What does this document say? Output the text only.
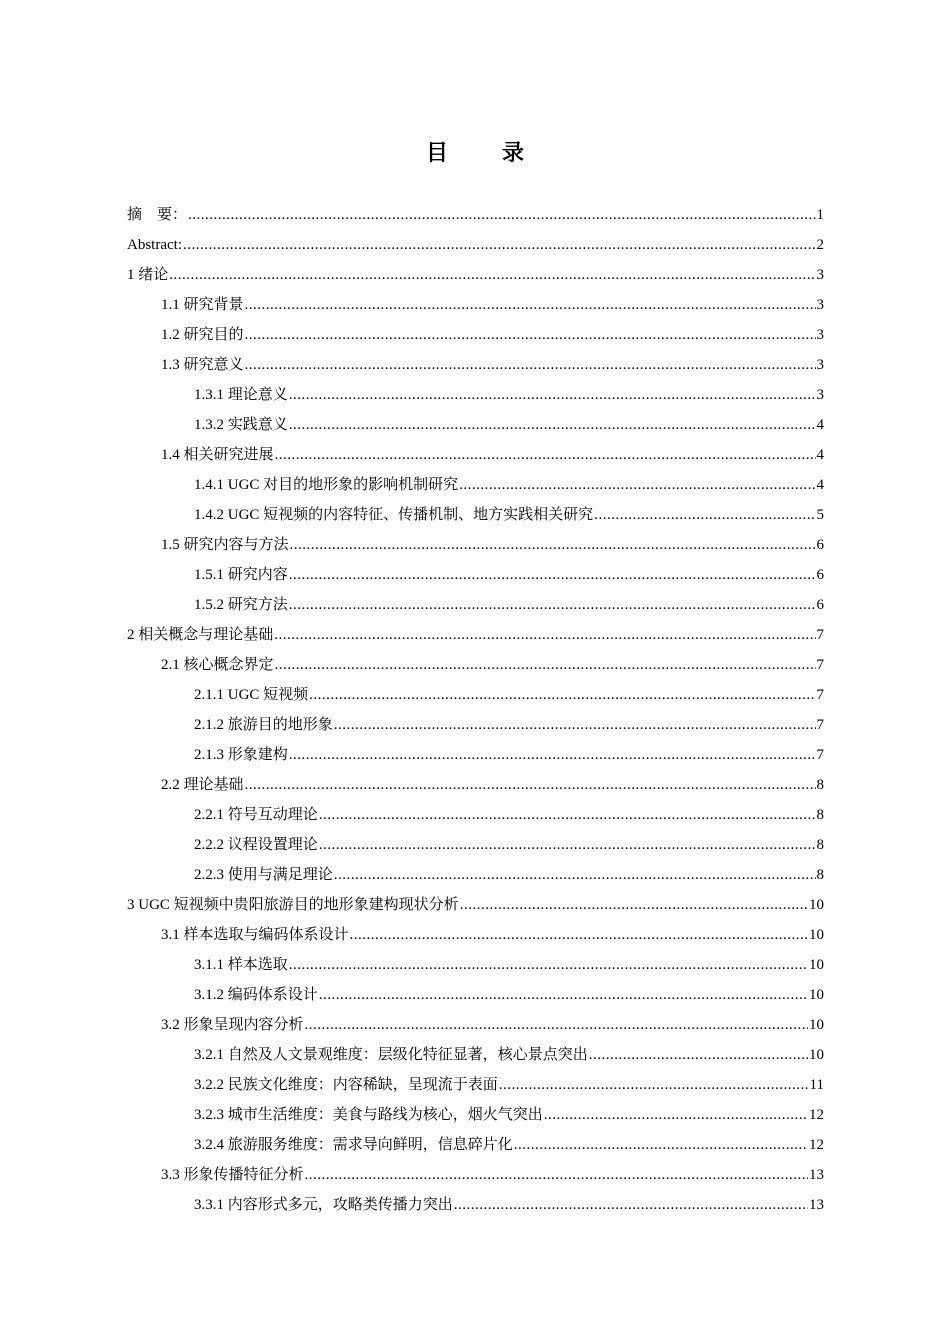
目　录
摘　要： .....	1
Abstract: .....	2
1 绪论 .....	3
1.1 研究背景 .....	3
1.2 研究目的 .....	3
1.3 研究意义 .....	3
1.3.1 理论意义 .....	3
1.3.2 实践意义 .....	4
1.4 相关研究进展 .....	4
1.4.1 UGC 对目的地形象的影响机制研究 .....	4
1.4.2 UGC 短视频的内容特征、传播机制、地方实践相关研究 .....	5
1.5 研究内容与方法 .....	6
1.5.1 研究内容 .....	6
1.5.2 研究方法 .....	6
2 相关概念与理论基础 .....	7
2.1 核心概念界定 .....	7
2.1.1 UGC 短视频 .....	7
2.1.2 旅游目的地形象 .....	7
2.1.3 形象建构 .....	7
2.2 理论基础 .....	8
2.2.1 符号互动理论 .....	8
2.2.2 议程设置理论 .....	8
2.2.3 使用与满足理论 .....	8
3 UGC 短视频中贵阳旅游目的地形象建构现状分析 .....	10
3.1 样本选取与编码体系设计 .....	10
3.1.1 样本选取 .....	10
3.1.2 编码体系设计 .....	10
3.2 形象呈现内容分析 .....	10
3.2.1 自然及人文景观维度：层级化特征显著，核心景点突出 .....	10
3.2.2 民族文化维度：内容稀缺，呈现流于表面 .....	11
3.2.3 城市生活维度：美食与路线为核心，烟火气突出 .....	12
3.2.4 旅游服务维度：需求导向鲜明，信息碎片化 .....	12
3.3 形象传播特征分析 .....	13
3.3.1 内容形式多元，攻略类传播力突出 .....	13
